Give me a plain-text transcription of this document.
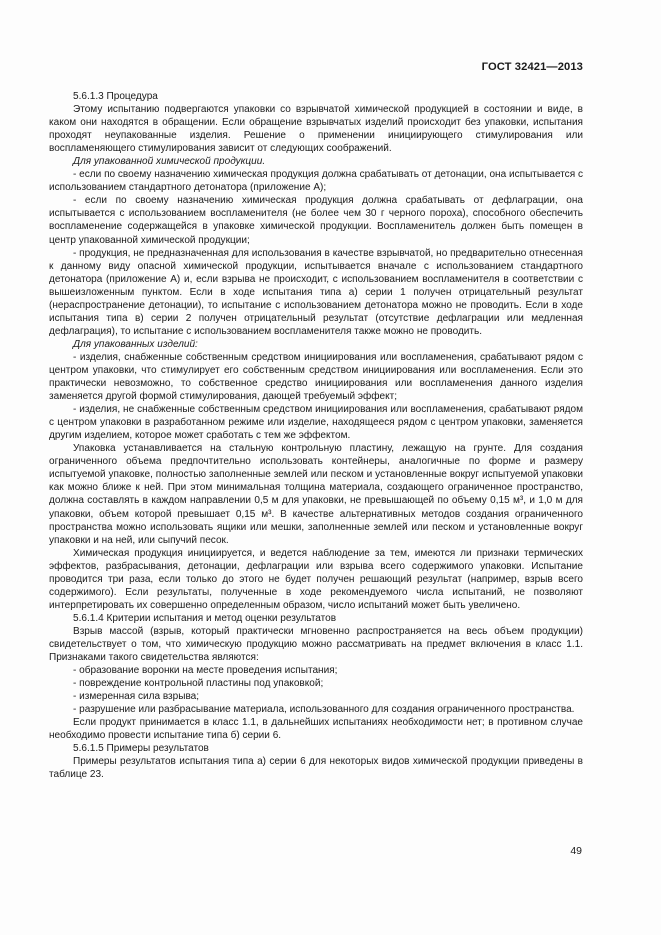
ГОСТ 32421—2013

5.6.1.3 Процедура

Этому испытанию подвергаются упаковки со взрывчатой химической продукцией в состоянии и виде, в каком они находятся в обращении. Если обращение взрывчатых изделий происходит без упаковки, испытания проходят неупакованные изделия. Решение о применении инициирующего стимулирования или воспламеняющего стимулирования зависит от следующих соображений.

Для упакованной химической продукции.

- если по своему назначению химическая продукция должна срабатывать от детонации, она испытывается с использованием стандартного детонатора (приложение А);

- если по своему назначению химическая продукция должна срабатывать от дефлаграции, она испытывается с использованием воспламенителя (не более чем 30 г черного пороха), способного обеспечить воспламенение содержащейся в упаковке химической продукции. Воспламенитель должен быть помещен в центр упакованной химической продукции;

- продукция, не предназначенная для использования в качестве взрывчатой, но предварительно отнесенная к данному виду опасной химической продукции, испытывается вначале с использованием стандартного детонатора (приложение А) и, если взрыва не происходит, с использованием воспламенителя в соответствии с вышеизложенным пунктом. Если в ходе испытания типа а) серии 1 получен отрицательный результат (нераспространение детонации), то испытание с использованием детонатора можно не проводить. Если в ходе испытания типа в) серии 2 получен отрицательный результат (отсутствие дефлаграции или медленная дефлаграция), то испытание с использованием воспламенителя также можно не проводить.

Для упакованных изделий:

- изделия, снабженные собственным средством инициирования или воспламенения, срабатывают рядом с центром упаковки, что стимулирует его собственным средством инициирования или воспламенения. Если это практически невозможно, то собственное средство инициирования или воспламенения данного изделия заменяется другой формой стимулирования, дающей требуемый эффект;

- изделия, не снабженные собственным средством инициирования или воспламенения, срабатывают рядом с центром упаковки в разработанном режиме или изделие, находящееся рядом с центром упаковки, заменяется другим изделием, которое может сработать с тем же эффектом.

Упаковка устанавливается на стальную контрольную пластину, лежащую на грунте. Для создания ограниченного объема предпочтительно использовать контейнеры, аналогичные по форме и размеру испытуемой упаковке, полностью заполненные землей или песком и установленные вокруг испытуемой упаковки как можно ближе к ней. При этом минимальная толщина материала, создающего ограниченное пространство, должна составлять в каждом направлении 0,5 м для упаковки, не превышающей по объему 0,15 м³, и 1,0 м для упаковки, объем которой превышает 0,15 м³. В качестве альтернативных методов создания ограниченного пространства можно использовать ящики или мешки, заполненные землей или песком и установленные вокруг упаковки и на ней, или сыпучий песок.

Химическая продукция инициируется, и ведется наблюдение за тем, имеются ли признаки термических эффектов, разбрасывания, детонации, дефлаграции или взрыва всего содержимого упаковки. Испытание проводится три раза, если только до этого не будет получен решающий результат (например, взрыв всего содержимого). Если результаты, полученные в ходе рекомендуемого числа испытаний, не позволяют интерпретировать их совершенно определенным образом, число испытаний может быть увеличено.

5.6.1.4 Критерии испытания и метод оценки результатов

Взрыв массой (взрыв, который практически мгновенно распространяется на весь объем продукции) свидетельствует о том, что химическую продукцию можно рассматривать на предмет включения в класс 1.1. Признаками такого свидетельства являются:

- образование воронки на месте проведения испытания;

- повреждение контрольной пластины под упаковкой;

- измеренная сила взрыва;

- разрушение или разбрасывание материала, использованного для создания ограниченного пространства.

Если продукт принимается в класс 1.1, в дальнейших испытаниях необходимости нет; в противном случае необходимо провести испытание типа б) серии 6.

5.6.1.5 Примеры результатов

Примеры результатов испытания типа а) серии 6 для некоторых видов химической продукции приведены в таблице 23.

49
